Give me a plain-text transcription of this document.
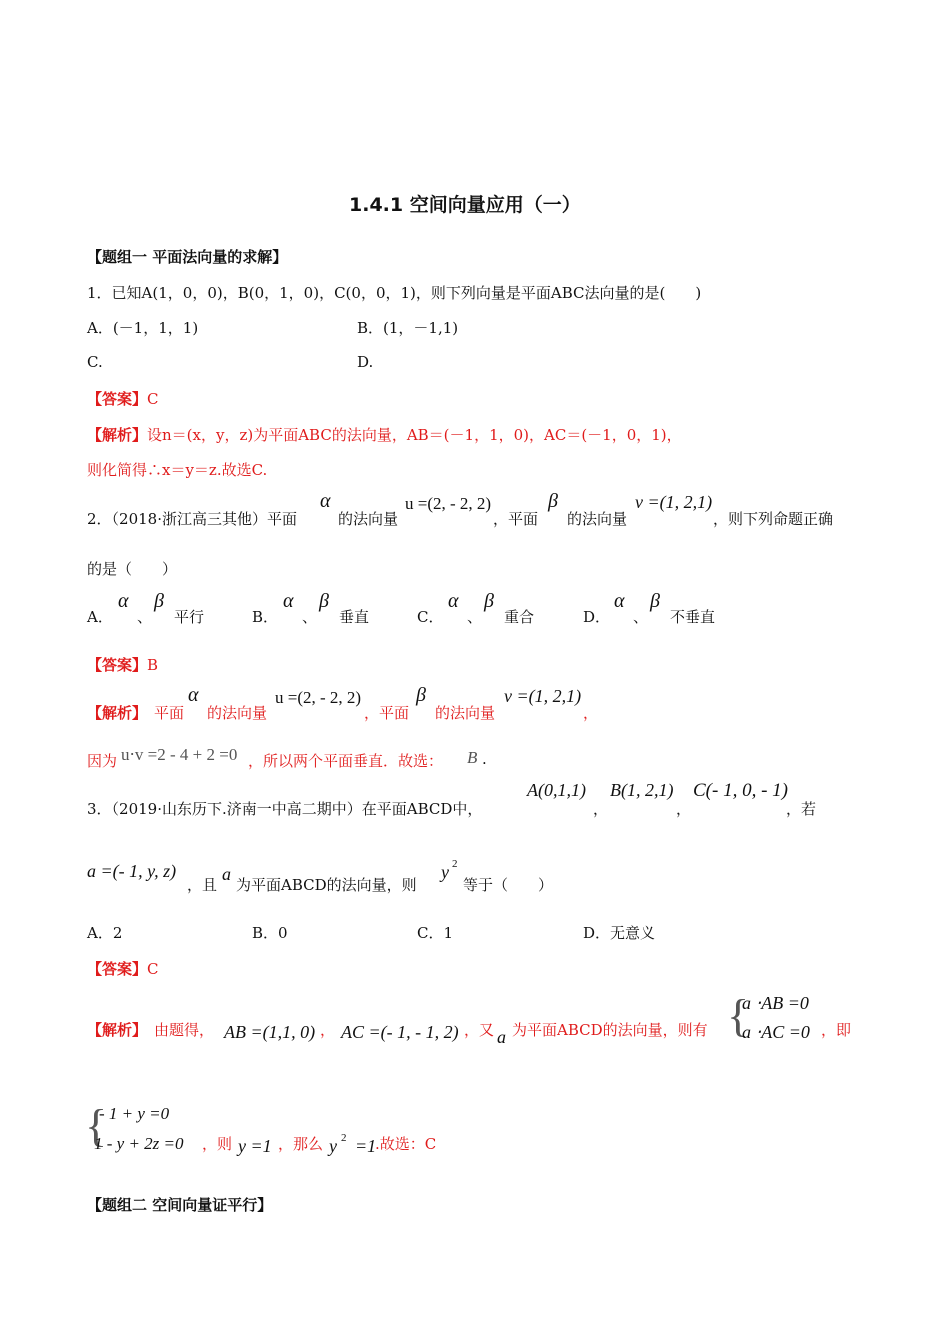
1.4.1 空间向量应用（一）
【题组一 平面法向量的求解】
1．已知A(1，0，0)，B(0，1，0)，C(0，0，1)，则下列向量是平面ABC法向量的是(　　)
A．(－1，1，1)	B．(1，－1,1)
C.	D.
【答案】C
【解析】设n＝(x，y，z)为平面ABC的法向量，AB＝(－1，1，0)，AC＝(－1，0，1)，
则化简得∴x＝y＝z.故选C.
2．（2018·浙江高三其他）平面
α
的法向量
u =(2, - 2, 2)
，平面
β
的法向量
v =(1, 2,1)
，则下列命题正确
的是（　　）
A．
α
、
β
平行	B．
α
、
β
垂直	C．
α
、
β
重合	D．
α
、
β
不垂直
【答案】B
【解析】 平面
α
的法向量
u =(2, - 2, 2)
，平面
β
的法向量
v =(1, 2,1)
，
因为 u⋅v =2 - 4 + 2 =0 ，所以两个平面垂直．故选： B .
3．（2019·山东历下.济南一中高二期中）在平面ABCD中，
A(0,1,1)
，
B(1, 2,1)
，
C(- 1, 0, - 1)
，若
a =(- 1, y, z)
，且
a
为平面ABCD的法向量，则
y 2
等于（　　）
A．2	B．0	C．1	D．无意义
【答案】C
【解析】 由题得， AB =(1,1, 0) ， AC =(- 1, - 1, 2) ，又 a 为平面ABCD的法向量，则有 {
a ⋅AB =0
a ⋅AC =0 ，即
{
- 1 + y =0
1 - y + 2z =0 ，则 y =1 ，那么 y 2 =1
.故选：C
【题组二 空间向量证平行】
